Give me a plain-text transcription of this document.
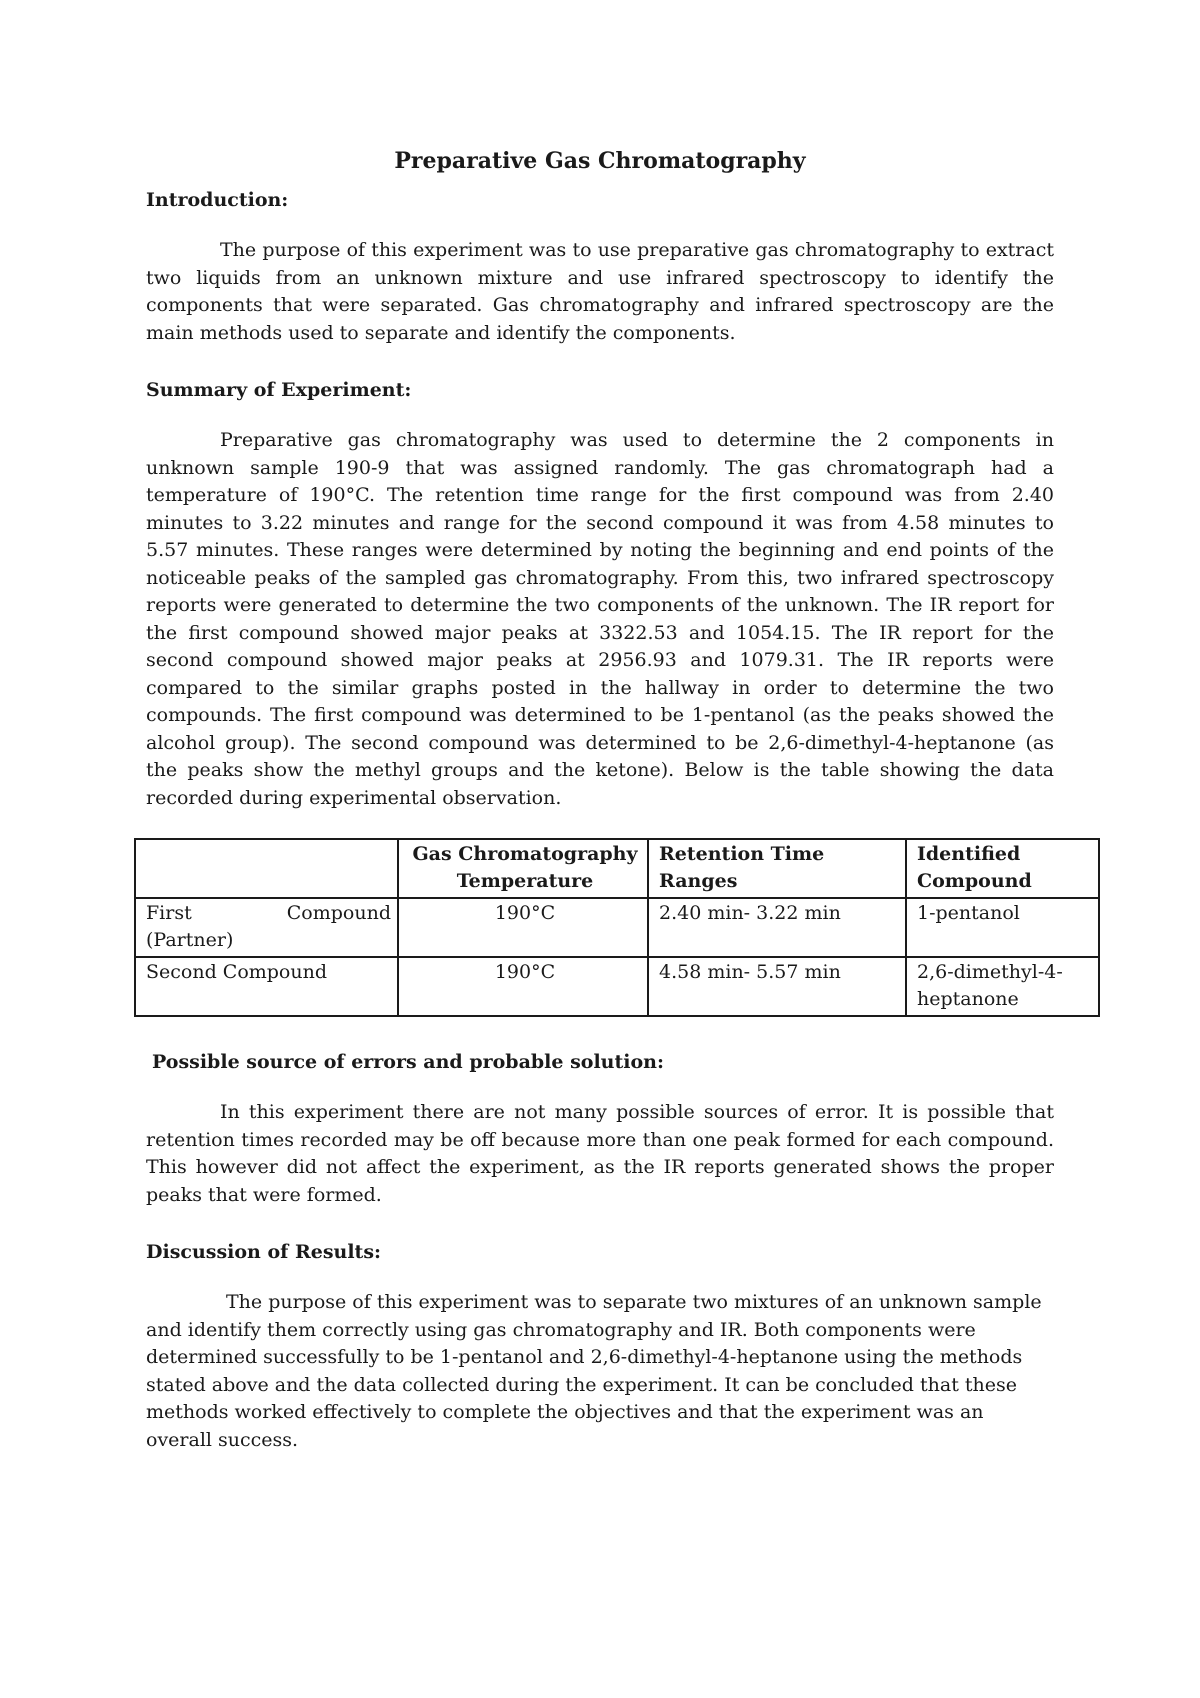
Preparative Gas Chromatography
Introduction:

The purpose of this experiment was to use preparative gas chromatography to extract two liquids from an unknown mixture and use infrared spectroscopy to identify the components that were separated. Gas chromatography and infrared spectroscopy are the main methods used to separate and identify the components.

Summary of Experiment:

Preparative gas chromatography was used to determine the 2 components in unknown sample 190-9 that was assigned randomly. The gas chromatograph had a temperature of 190°C. The retention time range for the first compound was from 2.40 minutes to 3.22 minutes and range for the second compound it was from 4.58 minutes to 5.57 minutes. These ranges were determined by noting the beginning and end points of the noticeable peaks of the sampled gas chromatography. From this, two infrared spectroscopy reports were generated to determine the two components of the unknown. The IR report for the first compound showed major peaks at 3322.53 and 1054.15. The IR report for the second compound showed major peaks at 2956.93 and 1079.31. The IR reports were compared to the similar graphs posted in the hallway in order to determine the two compounds. The first compound was determined to be 1-pentanol (as the peaks showed the alcohol group). The second compound was determined to be 2,6-dimethyl-4-heptanone (as the peaks show the methyl groups and the ketone). Below is the table showing the data recorded during experimental observation.

	Gas Chromatography Temperature	Retention Time Ranges	Identified Compound
First Compound (Partner)	190°C	2.40 min- 3.22 min	1-pentanol
Second Compound	190°C	4.58 min- 5.57 min	2,6-dimethyl-4-heptanone
Possible source of errors and probable solution:

In this experiment there are not many possible sources of error. It is possible that retention times recorded may be off because more than one peak formed for each compound. This however did not affect the experiment, as the IR reports generated shows the proper peaks that were formed.

Discussion of Results:

The purpose of this experiment was to separate two mixtures of an unknown sample and identify them correctly using gas chromatography and IR. Both components were determined successfully to be 1-pentanol and 2,6-dimethyl-4-heptanone using the methods stated above and the data collected during the experiment. It can be concluded that these methods worked effectively to complete the objectives and that the experiment was an overall success.
